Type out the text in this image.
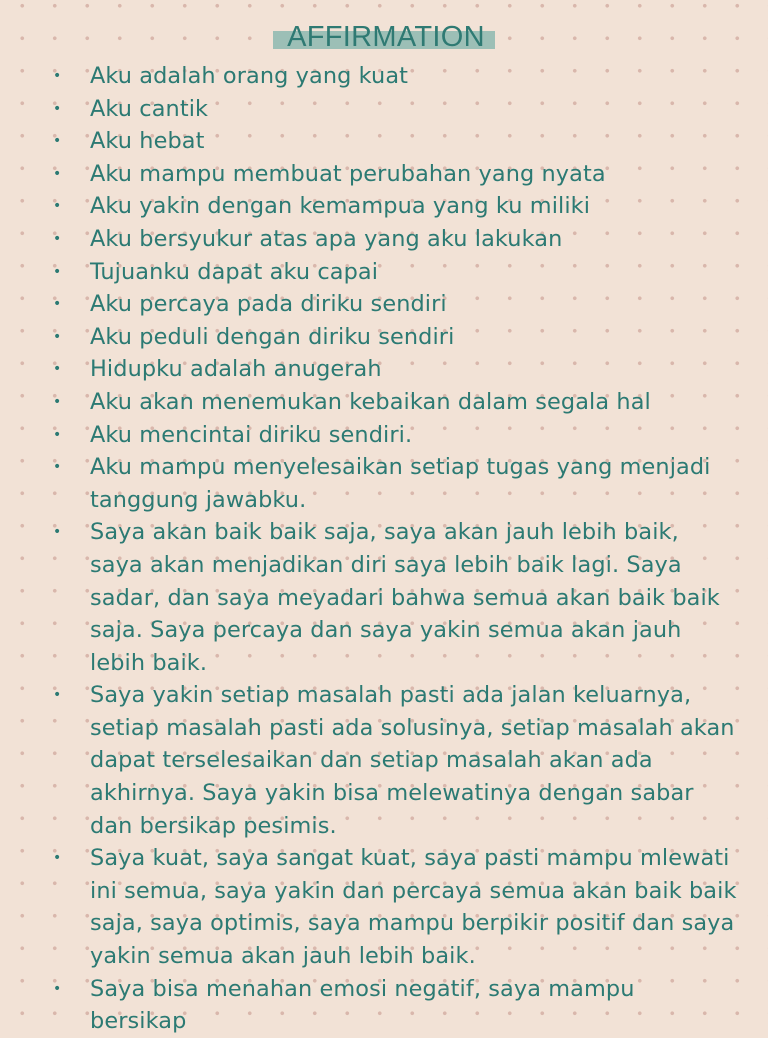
AFFIRMATION
• Aku adalah orang yang kuat
• Aku cantik
• Aku hebat
• Aku mampu membuat perubahan yang nyata
• Aku yakin dengan kemampua yang ku miliki
• Aku bersyukur atas apa yang aku lakukan
• Tujuanku dapat aku capai
• Aku percaya pada diriku sendiri
• Aku peduli dengan diriku sendiri
• Hidupku adalah anugerah
• Aku akan menemukan kebaikan dalam segala hal
• Aku mencintai diriku sendiri.
• Aku mampu menyelesaikan setiap tugas yang menjadi tanggung jawabku.
• Saya akan baik baik saja, saya akan jauh lebih baik, saya akan menjadikan diri saya lebih baik lagi. Saya sadar, dan saya meyadari bahwa semua akan baik baik saja. Saya percaya dan saya yakin semua akan jauh lebih baik.
• Saya yakin setiap masalah pasti ada jalan keluarnya, setiap masalah pasti ada solusinya, setiap masalah akan dapat terselesaikan dan setiap masalah akan ada akhirnya. Saya yakin bisa melewatinya dengan sabar dan bersikap pesimis.
• Saya kuat, saya sangat kuat, saya pasti mampu mlewati ini semua, saya yakin dan percaya semua akan baik baik saja, saya optimis, saya mampu berpikir positif dan saya yakin semua akan jauh lebih baik.
• Saya bisa menahan emosi negatif, saya mampu bersikap
